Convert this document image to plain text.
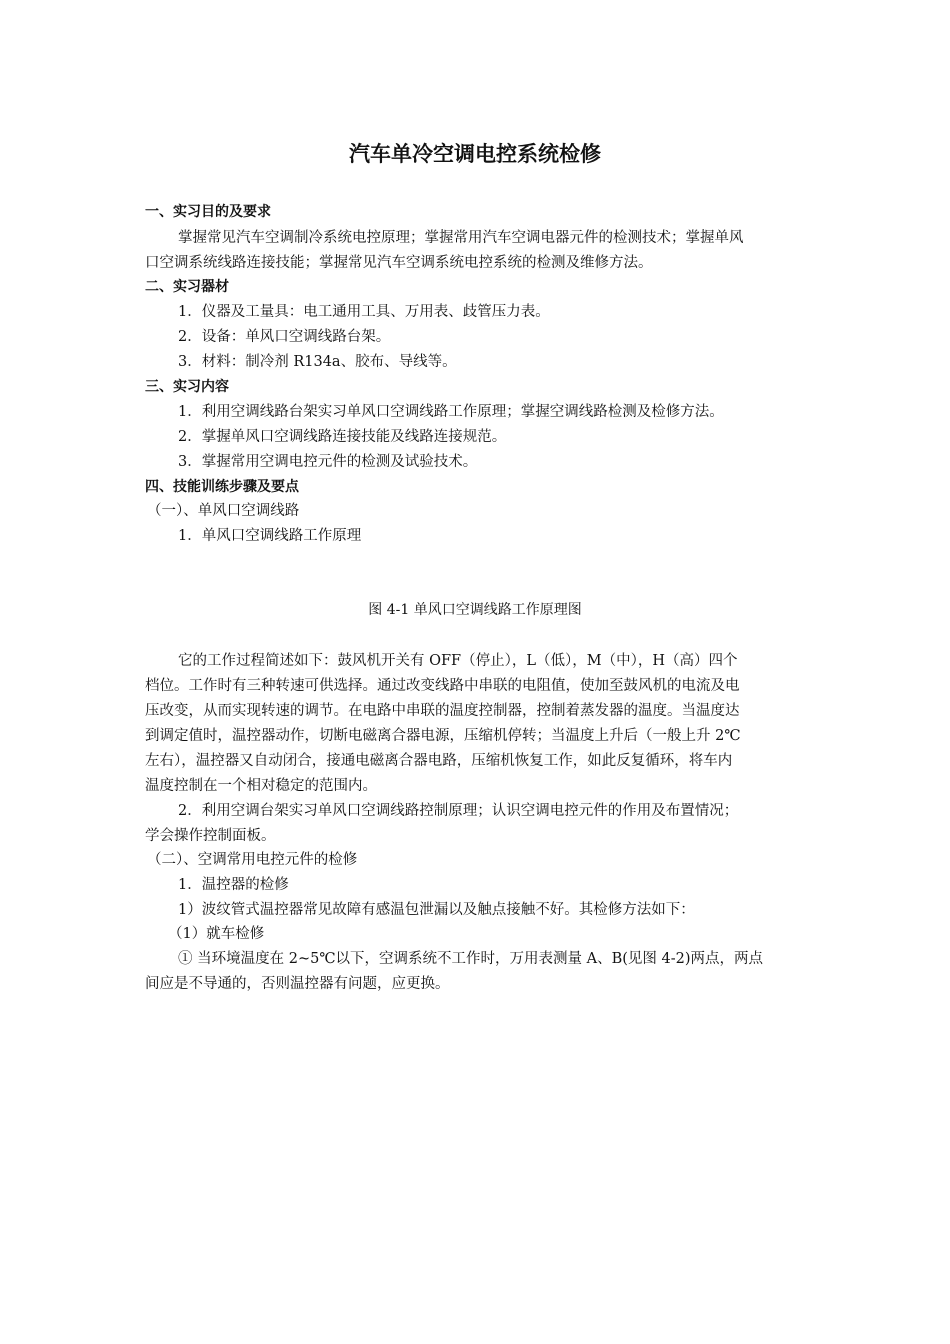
汽车单冷空调电控系统检修
一、实习目的及要求
掌握常见汽车空调制冷系统电控原理；掌握常用汽车空调电器元件的检测技术；掌握单风
口空调系统线路连接技能；掌握常见汽车空调系统电控系统的检测及维修方法。
二、实习器材
1．仪器及工量具：电工通用工具、万用表、歧管压力表。
2．设备：单风口空调线路台架。
3．材料：制冷剂 R134a、胶布、导线等。
三、实习内容
1．利用空调线路台架实习单风口空调线路工作原理；掌握空调线路检测及检修方法。
2．掌握单风口空调线路连接技能及线路连接规范。
3．掌握常用空调电控元件的检测及试验技术。
四、技能训练步骤及要点
（一）、单风口空调线路
1．单风口空调线路工作原理
图 4-1 单风口空调线路工作原理图
它的工作过程简述如下：鼓风机开关有 OFF（停止），L（低），M（中），H（高）四个
档位。工作时有三种转速可供选择。通过改变线路中串联的电阻值，使加至鼓风机的电流及电
压改变，从而实现转速的调节。在电路中串联的温度控制器，控制着蒸发器的温度。当温度达
到调定值时，温控器动作，切断电磁离合器电源，压缩机停转；当温度上升后（一般上升 2℃
左右），温控器又自动闭合，接通电磁离合器电路，压缩机恢复工作，如此反复循环，将车内
温度控制在一个相对稳定的范围内。
2．利用空调台架实习单风口空调线路控制原理；认识空调电控元件的作用及布置情况；
学会操作控制面板。
（二）、空调常用电控元件的检修
1．温控器的检修
1）波纹管式温控器常见故障有感温包泄漏以及触点接触不好。其检修方法如下：
（1）就车检修
① 当环境温度在 2~5℃以下，空调系统不工作时，万用表测量 A、B(见图 4-2)两点，两点
间应是不导通的，否则温控器有问题，应更换。
